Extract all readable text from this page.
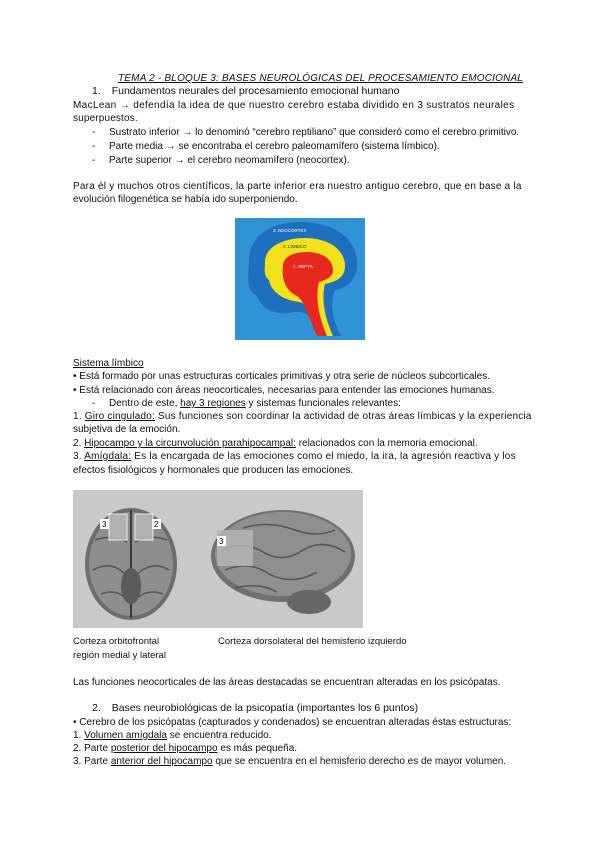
TEMA 2 - BLOQUE 3: BASES NEUROLÓGICAS DEL PROCESAMIENTO EMOCIONAL
1. Fundamentos neurales del procesamiento emocional humano
MacLean → defendía la idea de que nuestro cerebro estaba dividido en 3 sustratos neurales
superpuestos.
- Sustrato inferior → lo denominó “cerebro reptiliano” que consideró como el cerebro primitivo.
- Parte media → se encontraba el cerebro paleomamífero (sistema límbico).
- Parte superior → el cerebro neomamífero (neocortex).
Para él y muchos otros científicos, la parte inferior era nuestro antiguo cerebro, que en base a la
evolución filogenética se había ido superponiendo.
3. NEOCORTEX
2. LÍMBICO
1. REPTIL
Sistema límbico
• Está formado por unas estructuras corticales primitivas y otra serie de núcleos subcorticales.
• Está relacionado con áreas neocorticales, necesarias para entender las emociones humanas.
- Dentro de este, hay 3 regiones y sistemas funcionales relevantes:
1. Giro cingulado: Sus funciones son coordinar la actividad de otras áreas límbicas y la experiencia
subjetiva de la emoción.
2. Hipocampo y la circunvolución parahipocampal: relacionados con la memoria emocional.
3. Amígdala: Es la encargada de las emociones como el miedo, la ira, la agresión reactiva y los
efectos fisiológicos y hormonales que producen las emociones.
3	2
3
Corteza orbitofrontal
región medial y lateral
Corteza dorsolateral del hemisferio izquierdo
Las funciones neocorticales de las áreas destacadas se encuentran alteradas en los psicópatas.
2. Bases neurobiológicas de la psicopatía (importantes los 6 puntos)
• Cerebro de los psicópatas (capturados y condenados) se encuentran alteradas éstas estructuras:
1. Volumen amígdala se encuentra reducido.
2. Parte posterior del hipocampo es más pequeña.
3. Parte anterior del hipocampo que se encuentra en el hemisferio derecho es de mayor volumen.
